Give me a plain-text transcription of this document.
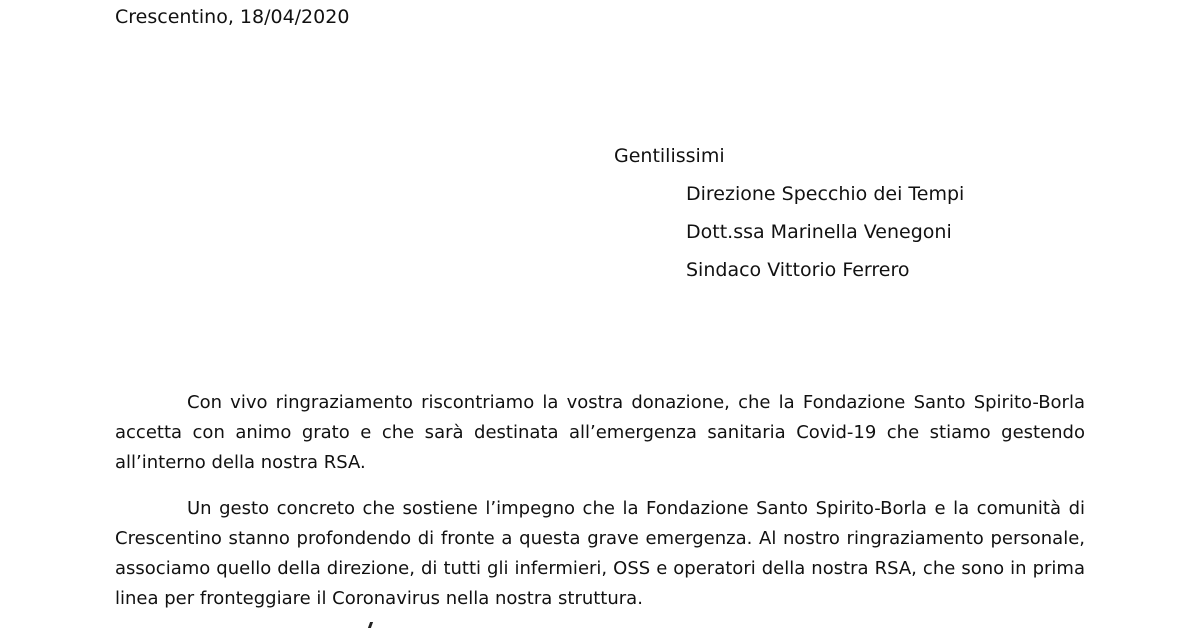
Crescentino, 18/04/2020
Gentilissimi
Direzione Specchio dei Tempi
Dott.ssa Marinella Venegoni
Sindaco Vittorio Ferrero

Con vivo ringraziamento riscontriamo la vostra donazione, che la Fondazione Santo Spirito-Borla accetta con animo grato e che sarà destinata all’emergenza sanitaria Covid-19 che stiamo gestendo all’interno della nostra RSA.

Un gesto concreto che sostiene l’impegno che la Fondazione Santo Spirito-Borla e la comunità di Crescentino stanno profondendo di fronte a questa grave emergenza. Al nostro ringraziamento personale, associamo quello della direzione, di tutti gli infermieri, OSS e operatori della nostra RSA, che sono in prima linea per fronteggiare il Coronavirus nella nostra struttura.
